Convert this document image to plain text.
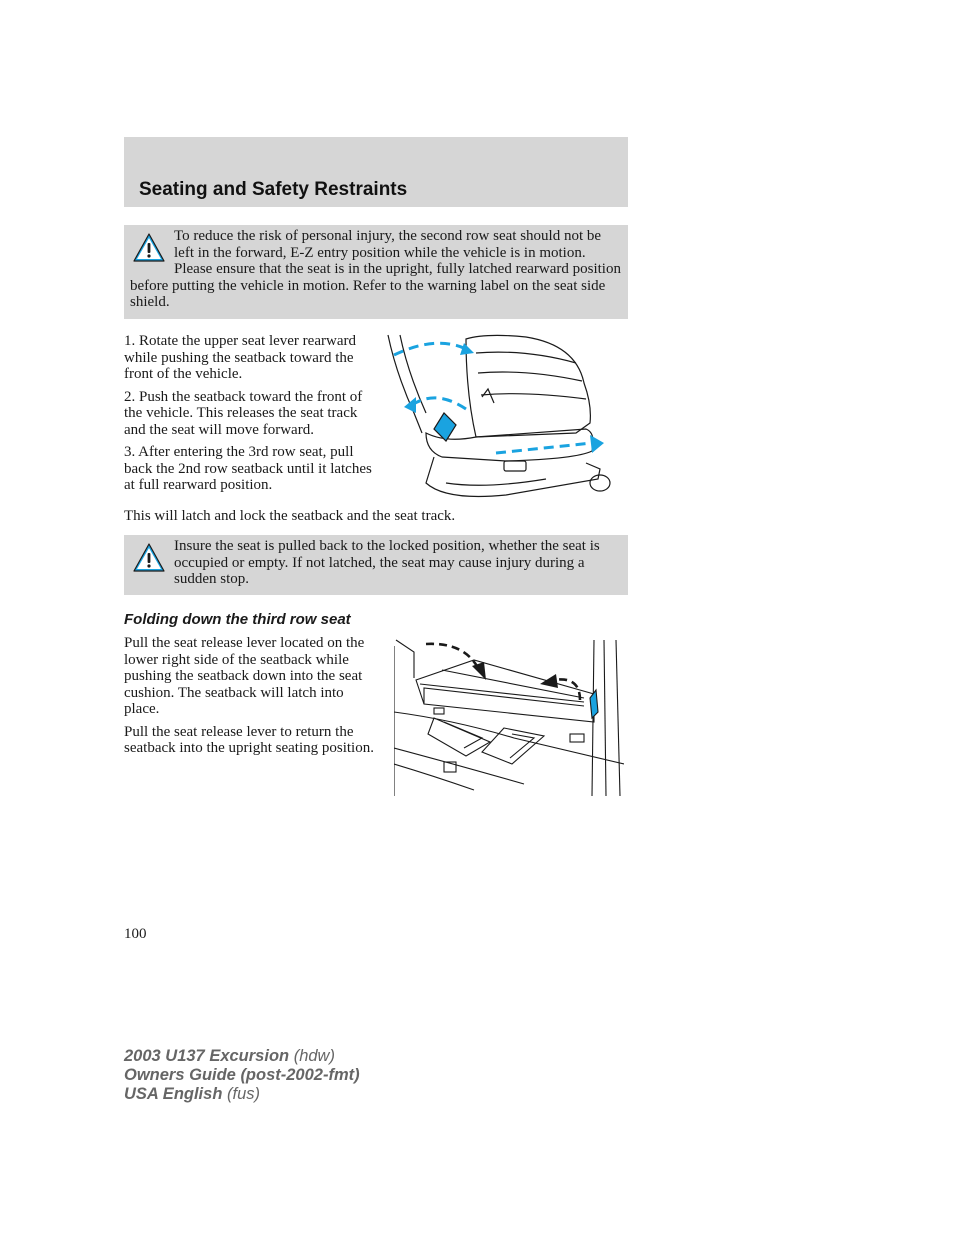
Seating and Safety Restraints
To reduce the risk of personal injury, the second row seat should not be left in the forward, E-Z entry position while the vehicle is in motion. Please ensure that the seat is in the upright, fully latched rearward position before putting the vehicle in motion. Refer to the warning label on the seat side shield.

1. Rotate the upper seat lever rearward while pushing the seatback toward the front of the vehicle.

2. Push the seatback toward the front of the vehicle. This releases the seat track and the seat will move forward.

3. After entering the 3rd row seat, pull back the 2nd row seatback until it latches at full rearward position.

This will latch and lock the seatback and the seat track.
Insure the seat is pulled back to the locked position, whether the seat is occupied or empty. If not latched, the seat may cause injury during a sudden stop.
Folding down the third row seat

Pull the seat release lever located on the lower right side of the seatback while pushing the seatback down into the seat cushion. The seatback will latch into place.

Pull the seat release lever to return the seatback into the upright seating position.

100
2003 U137 Excursion (hdw)
Owners Guide (post-2002-fmt)
USA English (fus)
